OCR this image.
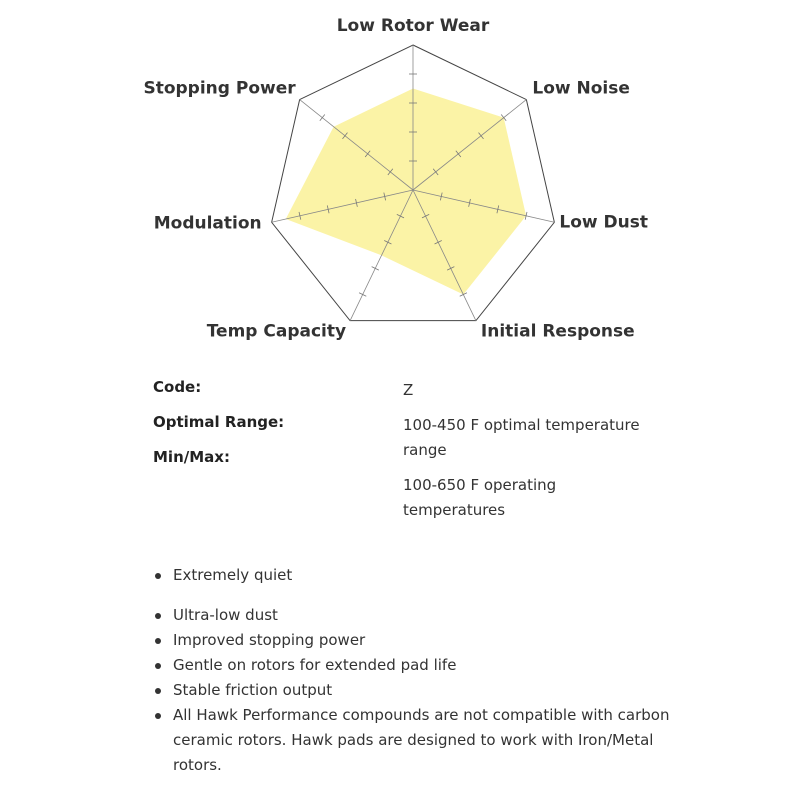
Low Rotor Wear
Low Noise
Low Dust
Initial Response
Temp Capacity
Modulation
Stopping Power
Code:	Z
Optimal Range:	100-450 F optimal temperature range
Min/Max:
100-650 F operating temperatures
Extremely quiet
Ultra-low dust
Improved stopping power
Gentle on rotors for extended pad life
Stable friction output
All Hawk Performance compounds are not compatible with carbon ceramic rotors. Hawk pads are designed to work with Iron/Metal rotors.
